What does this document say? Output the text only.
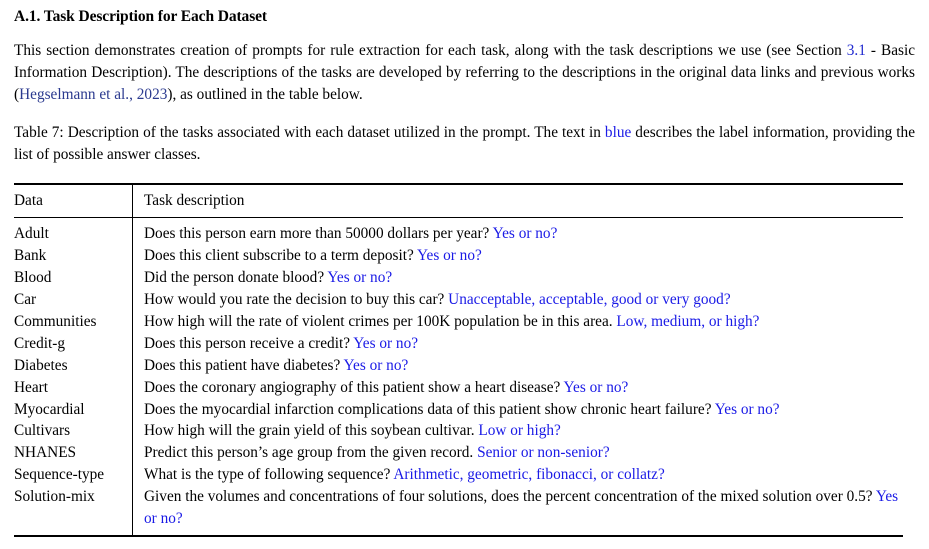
A.1. Task Description for Each Dataset

This section demonstrates creation of prompts for rule extraction for each task, along with the task descriptions we use (see Section 3.1 - Basic Information Description). The descriptions of the tasks are developed by referring to the descriptions in the original data links and previous works (Hegselmann et al., 2023), as outlined in the table below.

Table 7: Description of the tasks associated with each dataset utilized in the prompt. The text in blue describes the label information, providing the list of possible answer classes.

Data	Task description
Adult	Does this person earn more than 50000 dollars per year? Yes or no?
Bank	Does this client subscribe to a term deposit? Yes or no?
Blood	Did the person donate blood? Yes or no?
Car	How would you rate the decision to buy this car? Unacceptable, acceptable, good or very good?
Communities	How high will the rate of violent crimes per 100K population be in this area. Low, medium, or high?
Credit-g	Does this person receive a credit? Yes or no?
Diabetes	Does this patient have diabetes? Yes or no?
Heart	Does the coronary angiography of this patient show a heart disease? Yes or no?
Myocardial	Does the myocardial infarction complications data of this patient show chronic heart failure? Yes or no?
Cultivars	How high will the grain yield of this soybean cultivar. Low or high?
NHANES	Predict this person’s age group from the given record. Senior or non-senior?
Sequence-type	What is the type of following sequence? Arithmetic, geometric, fibonacci, or collatz?
Solution-mix	Given the volumes and concentrations of four solutions, does the percent concentration of the mixed solution over 0.5? Yes or no?
